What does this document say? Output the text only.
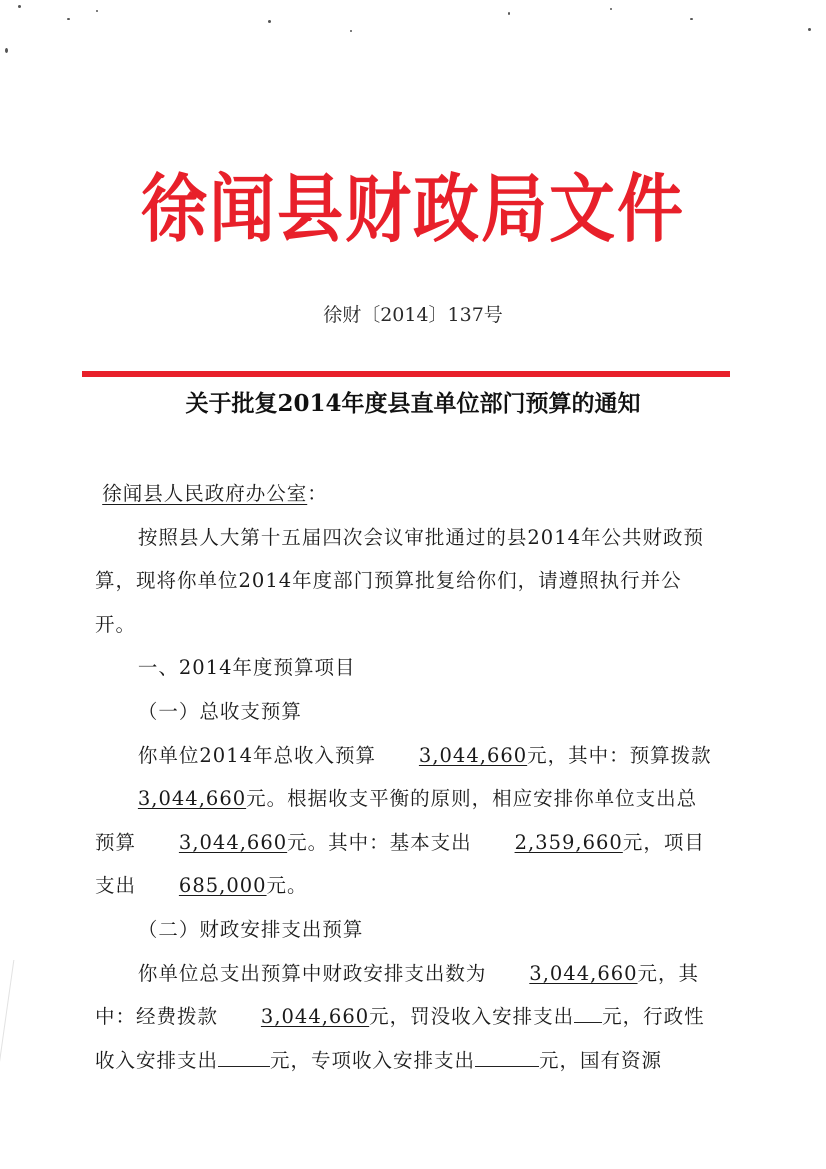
徐闻县财政局文件
徐财〔2014〕137号
关于批复2014年度县直单位部门预算的通知

徐闻县人民政府办公室：

按照县人大第十五届四次会议审批通过的县2014年公共财政预算，现将你单位2014年度部门预算批复给你们，请遵照执行并公开。

一、2014年度预算项目

（一）总收支预算

你单位2014年总收入预算 3,044,660元，其中：预算拨款3,044,660元。根据收支平衡的原则，相应安排你单位支出总预算 3,044,660元。其中：基本支出 2,359,660元，项目支出 685,000元。

（二）财政安排支出预算

你单位总支出预算中财政安排支出数为 3,044,660元，其中：经费拨款 3,044,660元，罚没收入安排支出 元，行政性收入安排支出	元，专项收入安排支出	元，国有资源
